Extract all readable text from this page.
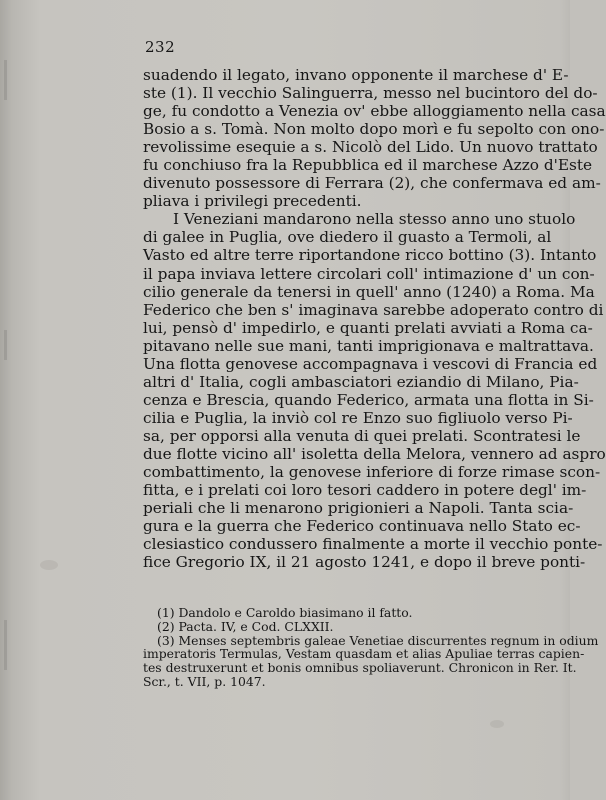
232
suadendo il legato, invano opponente il marchese d' E-
ste (1). Il vecchio Salinguerra, messo nel bucintoro del do-
ge, fu condotto a Venezia ov' ebbe alloggiamento nella casa
Bosio a s. Tomà. Non molto dopo morì e fu sepolto con ono-
revolissime esequie a s. Nicolò del Lido. Un nuovo trattato
fu conchiuso fra la Repubblica ed il marchese Azzo d'Este
divenuto possessore di Ferrara (2), che confermava ed am-
pliava i privilegi precedenti.
I Veneziani mandarono nella stesso anno uno stuolo
di galee in Puglia, ove diedero il guasto a Termoli, al
Vasto ed altre terre riportandone ricco bottino (3). Intanto
il papa inviava lettere circolari coll' intimazione d' un con-
cilio generale da tenersi in quell' anno (1240) a Roma. Ma
Federico che ben s' imaginava sarebbe adoperato contro di
lui, pensò d' impedirlo, e quanti prelati avviati a Roma ca-
pitavano nelle sue mani, tanti imprigionava e maltrattava.
Una flotta genovese accompagnava i vescovi di Francia ed
altri d' Italia, cogli ambasciatori eziandio di Milano, Pia-
cenza e Brescia, quando Federico, armata una flotta in Si-
cilia e Puglia, la inviò col re Enzo suo figliuolo verso Pi-
sa, per opporsi alla venuta di quei prelati. Scontratesi le
due flotte vicino all' isoletta della Melora, vennero ad aspro
combattimento, la genovese inferiore di forze rimase scon-
fitta, e i prelati coi loro tesori caddero in potere degl' im-
periali che li menarono prigionieri a Napoli. Tanta scia-
gura e la guerra che Federico continuava nello Stato ec-
clesiastico condussero finalmente a morte il vecchio ponte-
fice Gregorio IX, il 21 agosto 1241, e dopo il breve ponti-
(1) Dandolo e Caroldo biasimano il fatto.
(2) Pacta. IV, e Cod. CLXXII.
(3) Menses septembris galeae Venetiae discurrentes regnum in odium
imperatoris Termulas, Vestam quasdam et alias Apuliae terras capien-
tes destruxerunt et bonis omnibus spoliaverunt. Chronicon in Rer. It.
Scr., t. VII, p. 1047.
